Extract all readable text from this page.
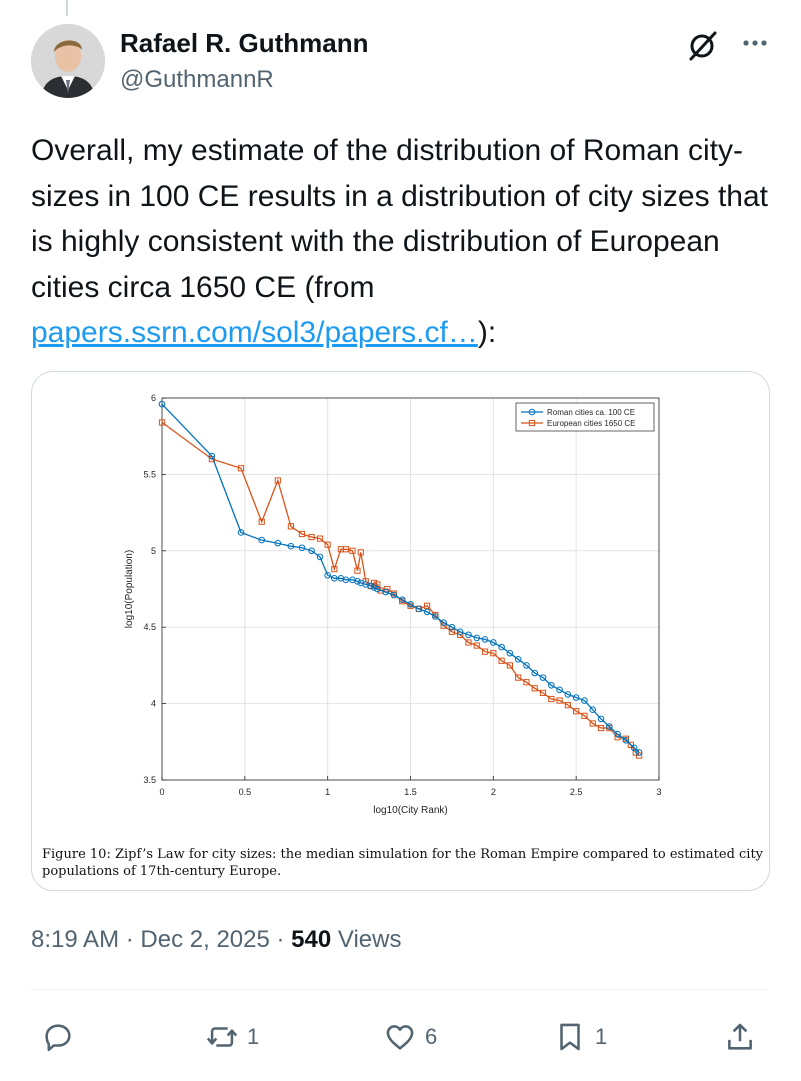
Rafael R. Guthmann
@GuthmannR
Overall, my estimate of the distribution of Roman city-sizes in 100 CE results in a distribution of city sizes that is highly consistent with the distribution of European cities circa 1650 CE (from papers.ssrn.com/sol3/papers.cf…):
0	0.5	1	1.5	2	2.5	3
3.5
4
4.5
5
5.5
6
log10(City Rank)
log10(Population)
Roman cities ca. 100 CE
European cities 1650 CE
Figure 10: Zipf’s Law for city sizes: the median simulation for the Roman Empire compared to estimated city populations of 17th-century Europe.
8:19 AM · Dec 2, 2025 · 540 Views
1	6	1
